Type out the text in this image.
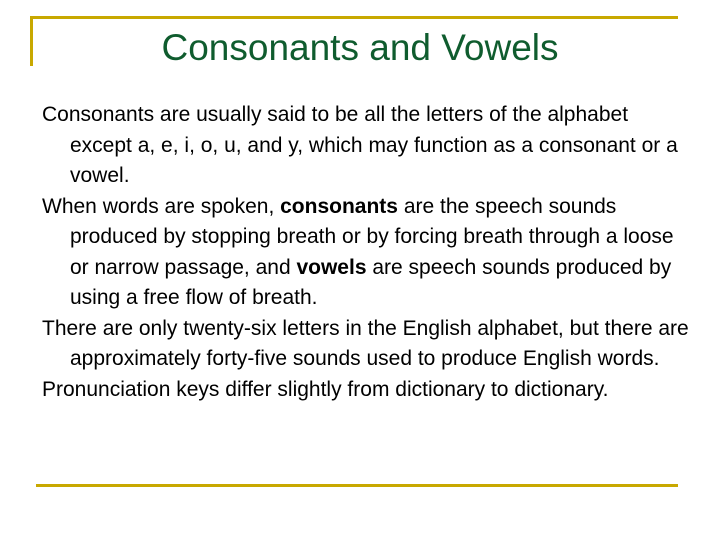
Consonants and Vowels

Consonants are usually said to be all the letters of the alphabet except a, e, i, o, u, and y, which may function as a consonant or a vowel.

When words are spoken, consonants are the speech sounds produced by stopping breath or by forcing breath through a loose or narrow passage, and vowels are speech sounds produced by using a free flow of breath.

There are only twenty-six letters in the English alphabet, but there are approximately forty-five sounds used to produce English words.

Pronunciation keys differ slightly from dictionary to dictionary.
